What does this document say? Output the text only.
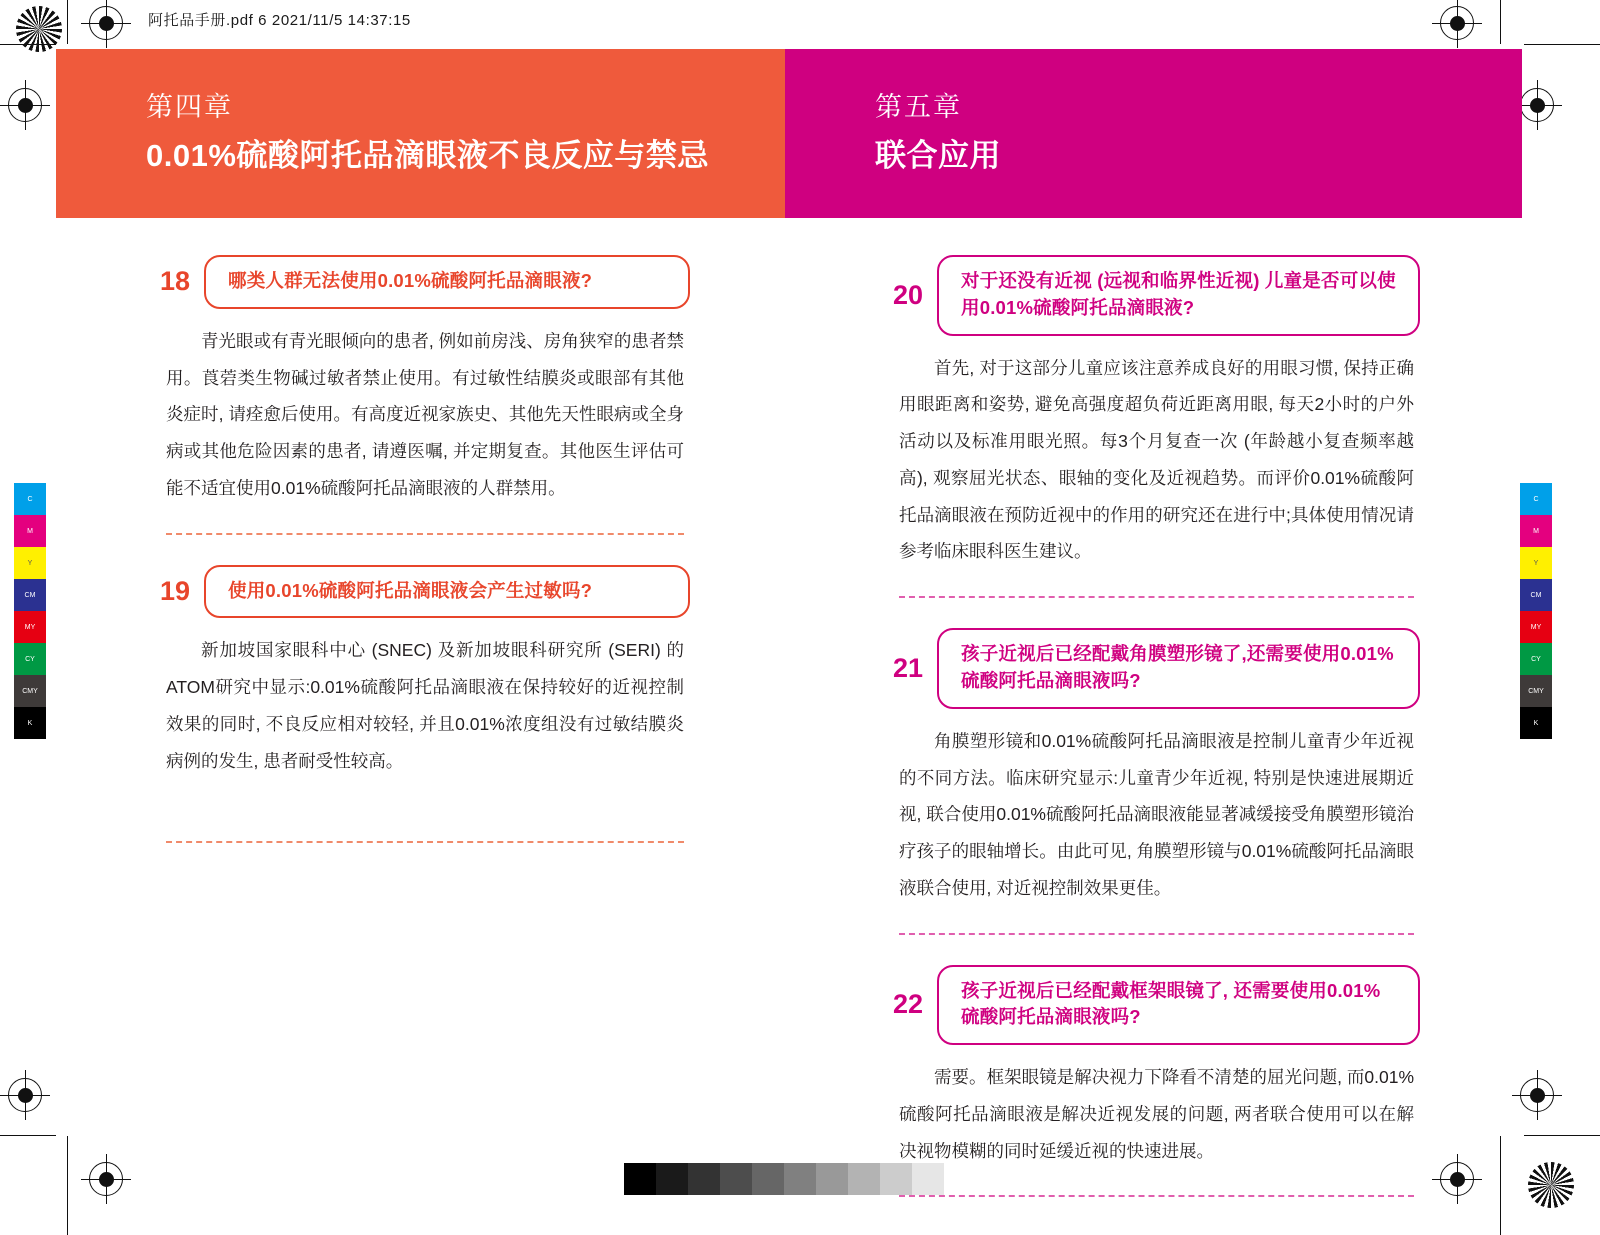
阿托品手册.pdf 6 2021/11/5 14:37:15
第四章
0.01%硫酸阿托品滴眼液不良反应与禁忌
第五章
联合应用
18	哪类人群无法使用0.01%硫酸阿托品滴眼液?
青光眼或有青光眼倾向的患者, 例如前房浅、房角狭窄的患者禁用。莨菪类生物碱过敏者禁止使用。有过敏性结膜炎或眼部有其他炎症时, 请痊愈后使用。有高度近视家族史、其他先天性眼病或全身病或其他危险因素的患者, 请遵医嘱, 并定期复查。其他医生评估可能不适宜使用0.01%硫酸阿托品滴眼液的人群禁用。
19	使用0.01%硫酸阿托品滴眼液会产生过敏吗?
新加坡国家眼科中心 (SNEC) 及新加坡眼科研究所 (SERI) 的ATOM研究中显示:0.01%硫酸阿托品滴眼液在保持较好的近视控制效果的同时, 不良反应相对较轻, 并且0.01%浓度组没有过敏结膜炎病例的发生, 患者耐受性较高。
20	对于还没有近视 (远视和临界性近视) 儿童是否可以使用0.01%硫酸阿托品滴眼液?
首先, 对于这部分儿童应该注意养成良好的用眼习惯, 保持正确用眼距离和姿势, 避免高强度超负荷近距离用眼, 每天2小时的户外活动以及标准用眼光照。每3个月复查一次 (年龄越小复查频率越高), 观察屈光状态、眼轴的变化及近视趋势。而评价0.01%硫酸阿托品滴眼液在预防近视中的作用的研究还在进行中;具体使用情况请参考临床眼科医生建议。
21	孩子近视后已经配戴角膜塑形镜了,还需要使用0.01%硫酸阿托品滴眼液吗?
角膜塑形镜和0.01%硫酸阿托品滴眼液是控制儿童青少年近视的不同方法。临床研究显示:儿童青少年近视, 特别是快速进展期近视, 联合使用0.01%硫酸阿托品滴眼液能显著减缓接受角膜塑形镜治疗孩子的眼轴增长。由此可见, 角膜塑形镜与0.01%硫酸阿托品滴眼液联合使用, 对近视控制效果更佳。
22	孩子近视后已经配戴框架眼镜了, 还需要使用0.01%硫酸阿托品滴眼液吗?
需要。框架眼镜是解决视力下降看不清楚的屈光问题, 而0.01%硫酸阿托品滴眼液是解决近视发展的问题, 两者联合使用可以在解决视物模糊的同时延缓近视的快速进展。
C
M
Y
CM
MY
CY
CMY
K
C
M
Y
CM
MY
CY
CMY
K
